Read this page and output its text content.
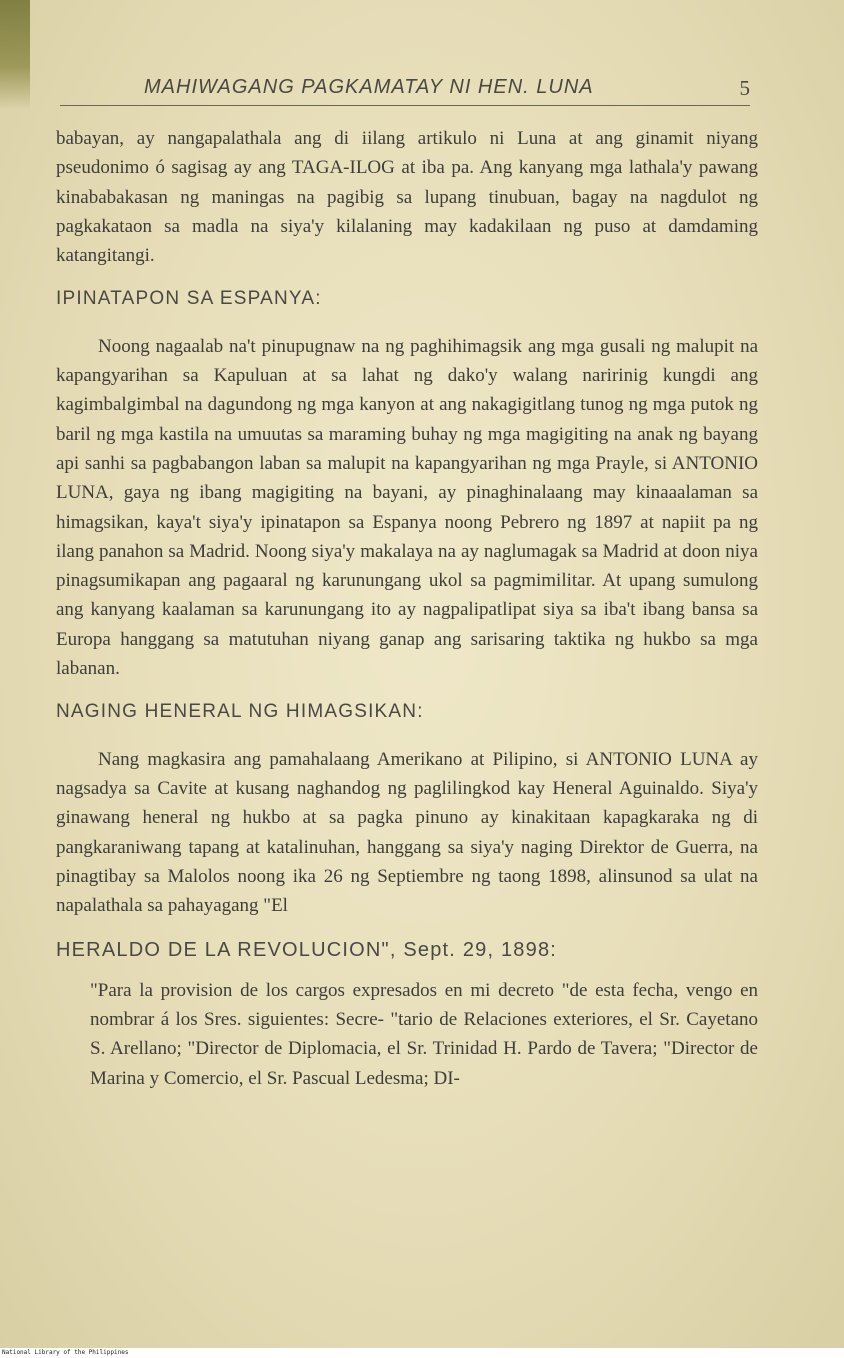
MAHIWAGANG PAGKAMATAY NI HEN. LUNA	5

babayan, ay nangapalathala ang di iilang artikulo ni Luna at ang ginamit niyang pseudonimo ó sagisag ay ang TAGA-ILOG at iba pa. Ang kanyang mga lathala'y pawang kinababakasan ng maningas na pagibig sa lupang tinubuan, bagay na nagdulot ng pagkakataon sa madla na siya'y kilalaning may kadakilaan ng puso at damdaming katangitangi.

IPINATAPON SA ESPANYA:

Noong nagaalab na't pinupugnaw na ng paghihimagsik ang mga gusali ng malupit na kapangyarihan sa Kapuluan at sa lahat ng dako'y walang naririnig kungdi ang kagimbalgimbal na dagundong ng mga kanyon at ang nakagigitlang tunog ng mga putok ng baril ng mga kastila na umuutas sa maraming buhay ng mga magigiting na anak ng bayang api sanhi sa pagbabangon laban sa malupit na kapangyarihan ng mga Prayle, si ANTONIO LUNA, gaya ng ibang magigiting na bayani, ay pinaghinalaang may kinaaalaman sa himagsikan, kaya't siya'y ipinatapon sa Espanya noong Pebrero ng 1897 at napiit pa ng ilang panahon sa Madrid. Noong siya'y makalaya na ay naglumagak sa Madrid at doon niya pinagsumikapan ang pagaaral ng karunungang ukol sa pagmimilitar. At upang sumulong ang kanyang kaalaman sa karunungang ito ay nagpalipatlipat siya sa iba't ibang bansa sa Europa hanggang sa matutuhan niyang ganap ang sarisaring taktika ng hukbo sa mga labanan.

NAGING HENERAL NG HIMAGSIKAN:

Nang magkasira ang pamahalaang Amerikano at Pilipino, si ANTONIO LUNA ay nagsadya sa Cavite at kusang naghandog ng paglilingkod kay Heneral Aguinaldo. Siya'y ginawang heneral ng hukbo at sa pagka pinuno ay kinakitaan kapagkaraka ng di pangkaraniwang tapang at katalinuhan, hanggang sa siya'y naging Direktor de Guerra, na pinagtibay sa Malolos noong ika 26 ng Septiembre ng taong 1898, alinsunod sa ulat na napalathala sa pahayagang "El

HERALDO DE LA REVOLUCION", Sept. 29, 1898:

"Para la provision de los cargos expresados en mi decreto "de esta fecha, vengo en nombrar á los Sres. siguientes: Secre- "tario de Relaciones exteriores, el Sr. Cayetano S. Arellano; "Director de Diplomacia, el Sr. Trinidad H. Pardo de Tavera; "Director de Marina y Comercio, el Sr. Pascual Ledesma; DI-

National Library of the Philippines
